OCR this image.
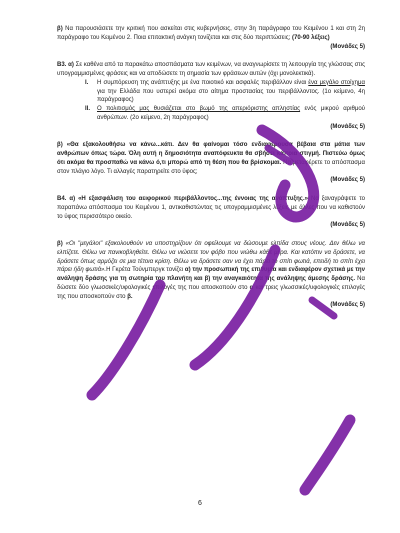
β) Να παρουσιάσετε την κριτική που ασκείται στις κυβερνήσεις, στην 3η παράγραφο του Κειμένου 1 και στη 2η παράγραφο του Κειμένου 2. Ποια επιτακτική ανάγκη τονίζεται και στις δύο περιπτώσεις; (70-90 λέξεις)

(Μονάδες 5)

Β3. α) Σε καθένα από τα παρακάτω αποσπάσματα των κειμένων, να αναγνωρίσετε τη λειτουργία της γλώσσας στις υπογραμμισμένες φράσεις και να αποδώσετε τη σημασία των φράσεων αυτών (όχι μονολεκτικά).

I. Η συμπόρευση της ανάπτυξης με ένα ποιοτικό και ασφαλές περιβάλλον είναι ένα μεγάλο στοίχημα για την Ελλάδα που υστερεί ακόμα στο αίτημα προστασίας του περιβάλλοντος. (1ο κείμενο, 4η παράγραφος)
II. Ο πολιτισμός μας θυσιάζεται στο βωμό της απεριόριστης απληστίας ενός μικρού αριθμού ανθρώπων. (2ο κείμενο, 2η παράγραφος)

(Μονάδες 5)

β) «Θα εξακολουθήσω να κάνω...κάτι. Δεν θα φαίνομαι τόσο ενδιαφέρουσα βέβαια στα μάτια των ανθρώπων όπως τώρα. Όλη αυτή η δημοσιότητα αναπόφευκτα θα σβήσει κάποια στιγμή. Πιστεύω όμως ότι ακόμα θα προσπαθώ να κάνω ό,τι μπορώ από τη θέση που θα βρίσκομαι. Να μεταφέρετε το απόσπασμα στον πλάγιο λόγο. Τι αλλαγές παρατηρείτε στο ύφος;

(Μονάδες 5)

Β4. α) «Η εξασφάλιση του αειφορικού περιβάλλοντος...της έννοιας της ανάπτυξης.» Να ξαναγράψετε το παραπάνω απόσπασμα του Κειμένου 1, αντικαθιστώντας τις υπογραμμισμένες λέξεις με άλλες που να καθιστούν το ύφος περισσότερο οικείο.

(Μονάδες 5)

β) «Οι "μεγάλοι" εξακολουθούν να υποστηρίζουν ότι οφείλουμε να δώσουμε ελπίδα στους νέους. Δεν θέλω να ελπίζετε. Θέλω να πανικοβληθείτε. Θέλω να νιώσετε τον φόβο που νιώθω κάθε μέρα. Και κατόπιν να δράσετε, να δράσετε όπως αρμόζει σε μια τέτοια κρίση. Θέλω να δράσετε σαν να έχει πάρει το σπίτι φωτιά, επειδή το σπίτι έχει πάρει ήδη φωτιά».Η Γκρέτα Τούνμπεργκ τονίζει α) την προσωπική της επιθυμία και ενδιαφέρον σχετικά με την ανάληψη δράσης για τη σωτηρία του πλανήτη και β) την αναγκαιότητα της ανάληψης άμεσης δράσης. Να δώσετε δύο γλωσσικές/υφολογικές επιλογές της που αποσκοπούν στο α και τρεις γλωσσικές/υφολογικές επιλογές της που αποσκοπούν στο β.

(Μονάδες 5)

6
